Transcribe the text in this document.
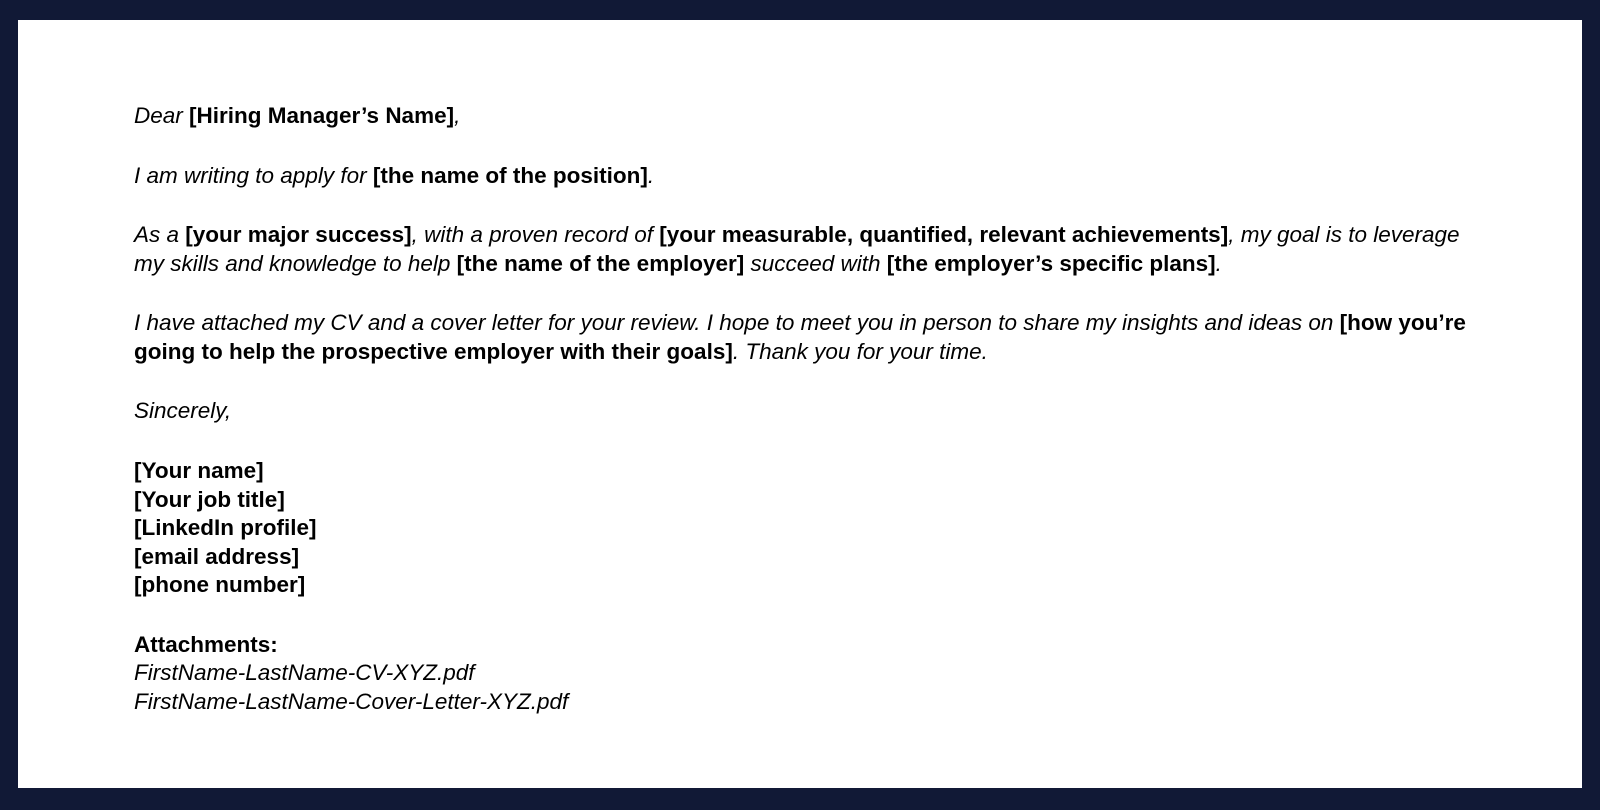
Dear [Hiring Manager’s Name],

I am writing to apply for [the name of the position].

As a [your major success], with a proven record of [your measurable, quantified, relevant achievements], my goal is to leverage my skills and knowledge to help [the name of the employer] succeed with [the employer’s specific plans].

I have attached my CV and a cover letter for your review. I hope to meet you in person to share my insights and ideas on [how you’re going to help the prospective employer with their goals]. Thank you for your time.

Sincerely,

[Your name]

[Your job title]

[LinkedIn profile]

[email address]

[phone number]

Attachments:

FirstName-LastName-CV-XYZ.pdf

FirstName-LastName-Cover-Letter-XYZ.pdf
